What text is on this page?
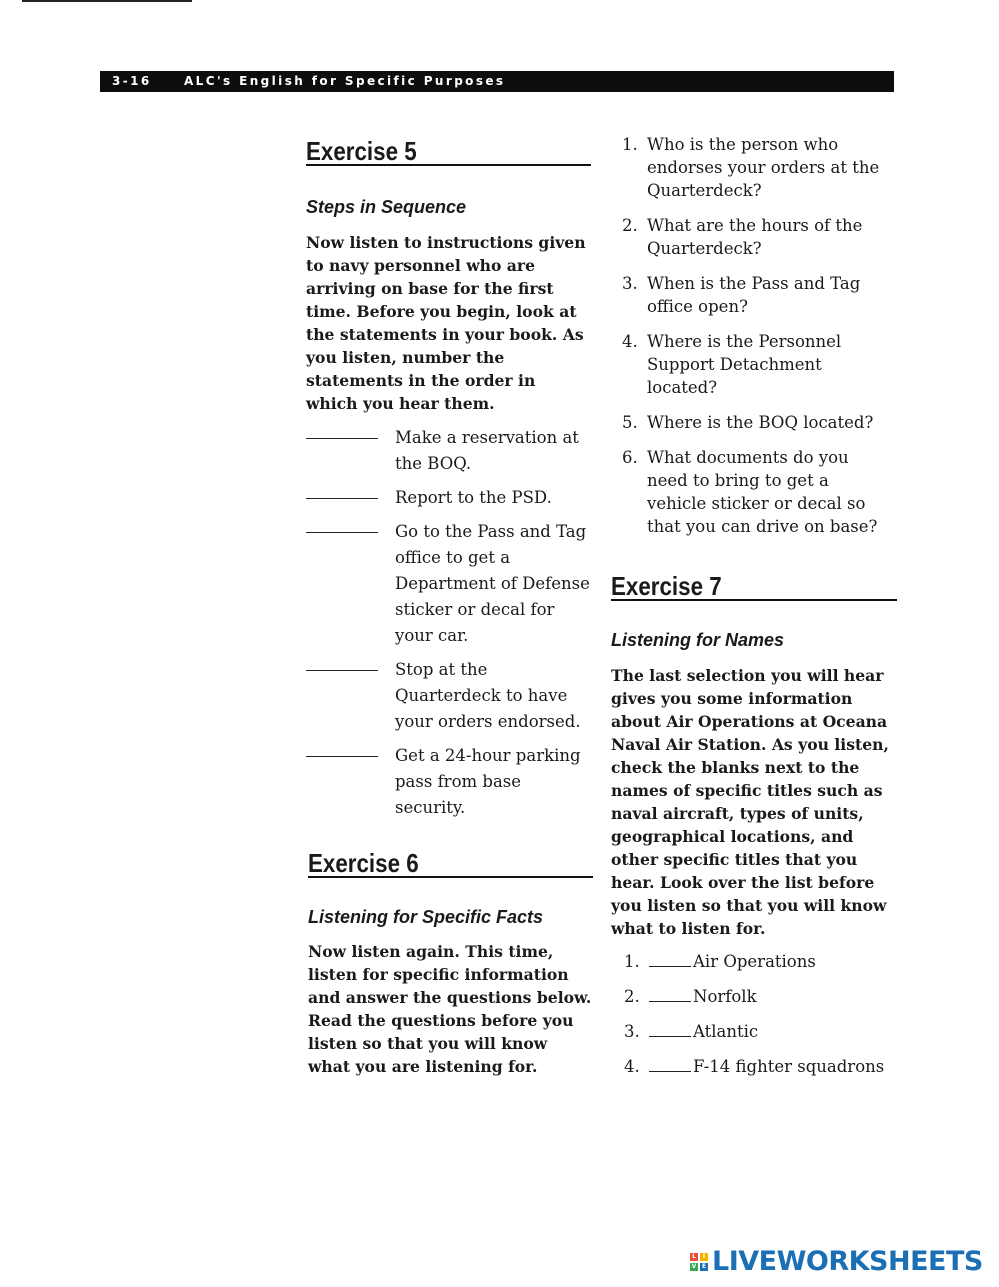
3-16	ALC's English for Specific Purposes
Exercise 5
Steps in Sequence
Now listen to instructions given to navy personnel who are arriving on base for the first time. Before you begin, look at the statements in your book. As you listen, number the statements in the order in which you hear them.
Make a reservation at the BOQ.
Report to the PSD.
Go to the Pass and Tag office to get a Department of Defense sticker or decal for your car.
Stop at the Quarterdeck to have your orders endorsed.
Get a 24-hour parking pass from base security.
Exercise 6
Listening for Specific Facts
Now listen again. This time, listen for specific information and answer the questions below. Read the questions before you listen so that you will know what you are listening for.
1. Who is the person who endorses your orders at the Quarterdeck?
2. What are the hours of the Quarterdeck?
3. When is the Pass and Tag office open?
4. Where is the Personnel Support Detachment located?
5. Where is the BOQ located?
6. What documents do you need to bring to get a vehicle sticker or decal so that you can drive on base?
Exercise 7
Listening for Names
The last selection you will hear gives you some information about Air Operations at Oceana Naval Air Station. As you listen, check the blanks next to the names of specific titles such as naval aircraft, types of units, geographical locations, and other specific titles that you hear. Look over the list before you listen so that you will know what to listen for.
1.	Air Operations
2.	Norfolk
3.	Atlantic
4.	F-14 fighter squadrons
L	I
V E LIVEWORKSHEETS
